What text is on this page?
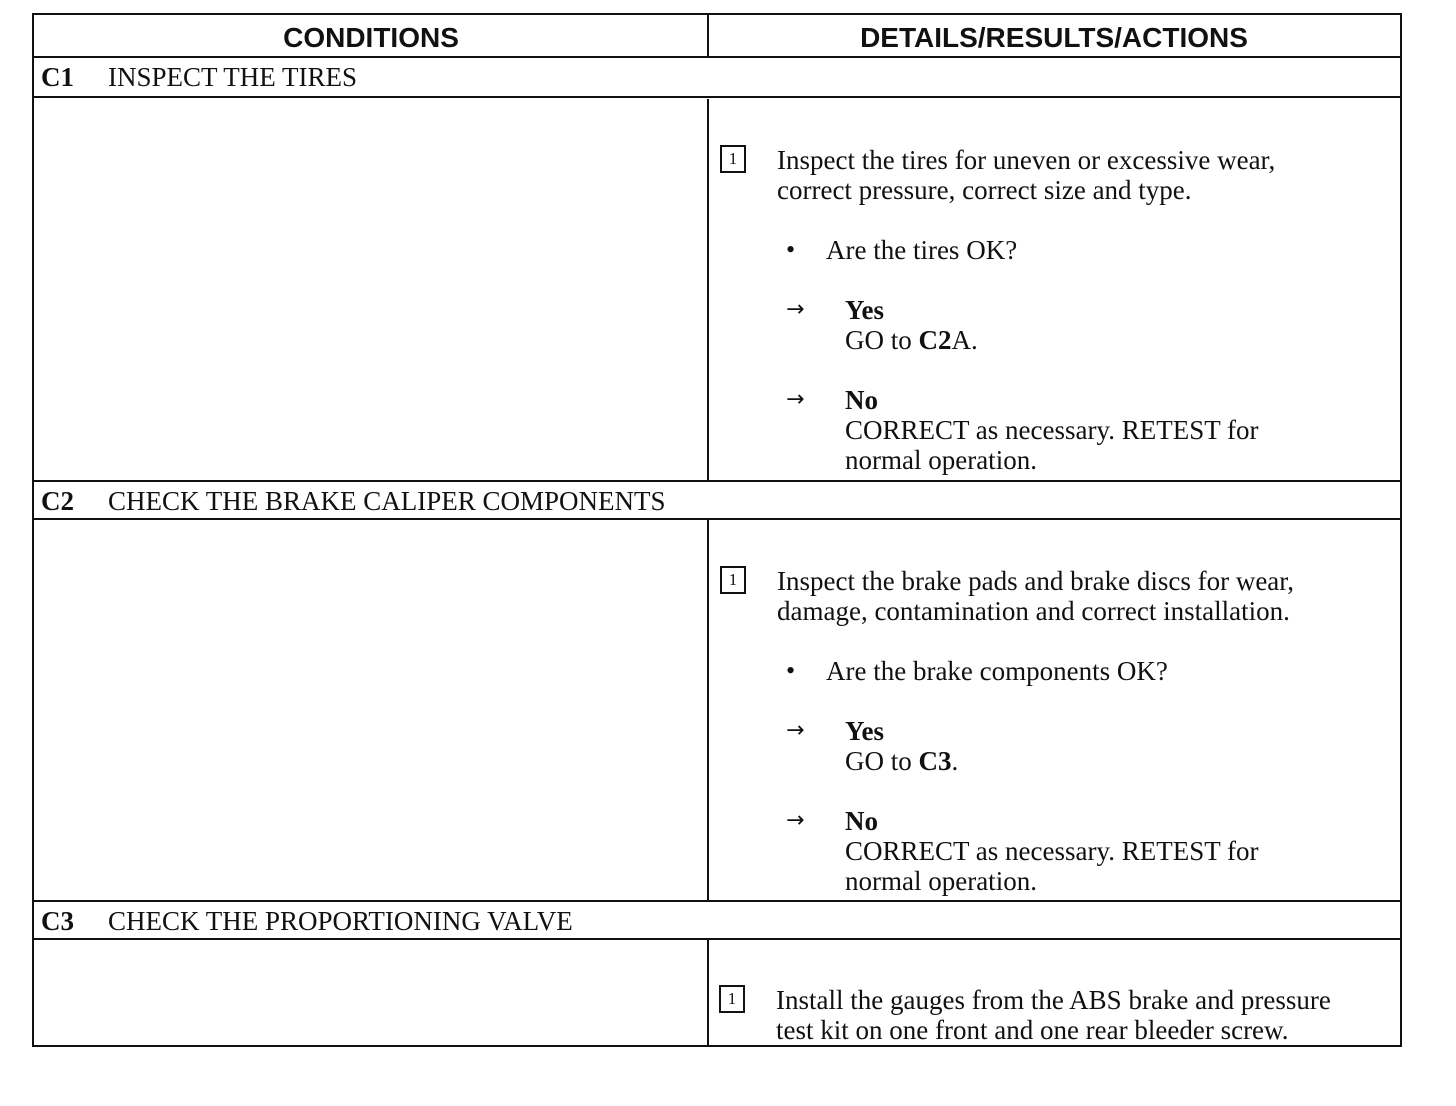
CONDITIONS	DETAILS/RESULTS/ACTIONS
C1 INSPECT THE TIRES
1	Inspect the tires for uneven or excessive wear,
correct pressure, correct size and type.
• Are the tires OK?
→ Yes
GO to C2A.
→ No
CORRECT as necessary. RETEST for
normal operation.
C2 CHECK THE BRAKE CALIPER COMPONENTS
1	Inspect the brake pads and brake discs for wear,
damage, contamination and correct installation.
• Are the brake components OK?
→ Yes
GO to C3.
→ No
CORRECT as necessary. RETEST for
normal operation.
C3 CHECK THE PROPORTIONING VALVE
1	Install the gauges from the ABS brake and pressure
test kit on one front and one rear bleeder screw.
